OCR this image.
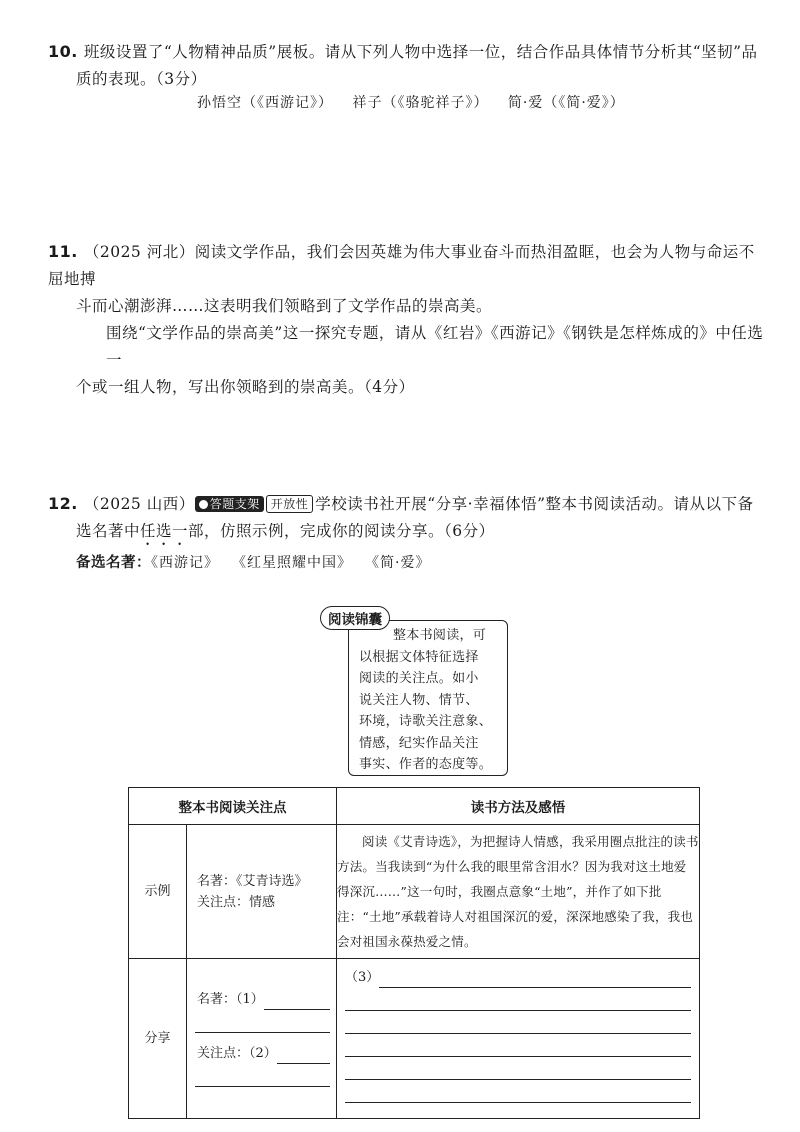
10. 班级设置了“人物精神品质”展板。请从下列人物中选择一位，结合作品具体情节分析其“坚韧”品
质的表现。（3分）
孙悟空（《西游记》） 祥子（《骆驼祥子》） 简·爱（《简·爱》）
11. （2025 河北）阅读文学作品，我们会因英雄为伟大事业奋斗而热泪盈眶，也会为人物与命运不屈地搏
斗而心潮澎湃……这表明我们领略到了文学作品的崇高美。
围绕“文学作品的崇高美”这一探究专题，请从《红岩》《西游记》《钢铁是怎样炼成的》中任选一
个或一组人物，写出你领略到的崇高美。（4分）
12. （2025 山西） 答题支架 开放性 学校读书社开展“分享·幸福体悟”整本书阅读活动。请从以下备
选名著中任选一部，仿照示例，完成你的阅读分享。（6分）
备选名著：《西游记》 《红星照耀中国》 《简·爱》
整本书阅读，可
以根据文体特征选择
阅读的关注点。如小
说关注人物、情节、
环境，诗歌关注意象、
情感，纪实作品关注
事实、作者的态度等。
阅读锦囊
整本书阅读关注点		读书方法及感悟
示例	名著：《艾青诗选》
关注点：情感	阅读《艾青诗选》，为把握诗人情感，我采用圈点批注的读书方法。当我读到“为什么我的眼里常含泪水？因为我对这土地爱得深沉……”这一句时，我圈点意象“土地”，并作了如下批注：“土地”承载着诗人对祖国深沉的爱，深深地感染了我，我也会对祖国永葆热爱之情。
分享	名著：（1）
关注点：（2）	（3）
